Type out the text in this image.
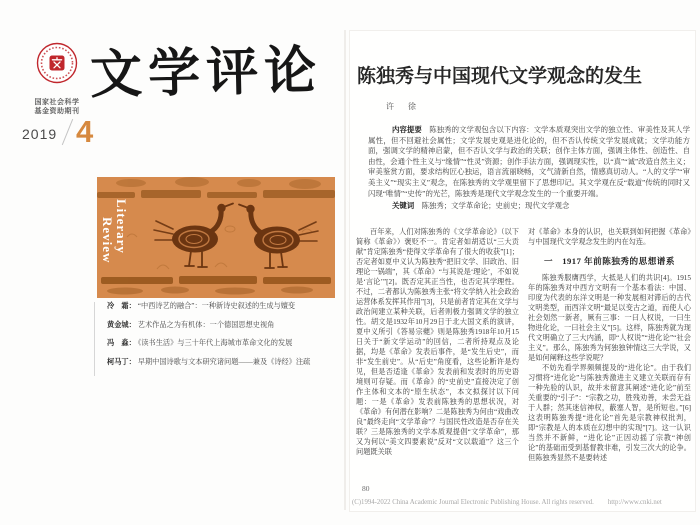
国家社会科学
基金资助期刊
2019 4
文学评论
Literary
Review
冷　霜： “中西诗艺的融合”：一种新诗史叙述的生成与嬗变
黄金城： 艺术作品之为有机体：一个德国思想史视角
冯　淼： 《读书生活》与三十年代上海城市革命文化的发展
柯马丁： 早期中国诗歌与文本研究诸问题——兼及《诗经》注疏
陈独秀与中国现代文学观念的发生
许　徐

内容提要　陈独秀的文学观包含以下内容：文学本质观突出文学的独立性、审美性及其人学属性，但不回避社会属性；文学发展史观是进化论的，但不否认传统文学发展成就；文学功能方面，强调文学的精神启蒙，但不否认文学与政治的关联；创作主体方面，强调主体性、创造性、自由性，会通个性主义与“缘情”“性灵”资源；创作手法方面，强调现实性，以“真”“诚”改造自然主义；审美鉴赏方面，要求结构匠心独运，语言流丽晓畅，文气清新自然，情感真切动人。“人的文学”“审美主义”“现实主义”观念，在陈独秀的文学观里留下了思想印记。其文学观在反“载道”传统的同时又闪现“唯情”“史传”的光芒，陈独秀是现代文学观念发生的一个重要开端。

关键词　陈独秀；文学革命论；史前史；现代文学观念

百年来，人们对陈独秀的《文学革命论》（以下简称《革命》）褒贬不一。肯定者如胡适以“三大贡献”肯定陈独秀“使得文学革命有了很大的收获”[1]；否定者如夏中义认为陈独秀“把旧文学、旧政治、旧理论一锅端”，其《革命》“与其说是‘理论’，不如说是‘言论’”[2]。既否定其正当性，也否定其学理性。不过，二者都认为陈独秀主张“将文学纳入社会政治运营体系发挥其作用”[3]，只是前者肯定其在文学与政治间建立某种关联，后者则极力强调文学的独立性。胡文是1932年10月29日于北大国文系的演讲，夏中义所引《答易宗夔》则是陈独秀1918年10月15日关于“新文学运动”的回信，二者所持观点及论据，均是《革命》发表后事件，是“发生后史”，而非“发生前史”。从“后史”角度看，这些论断许是灼见，但是否适逢《革命》发表前和发表时的历史语境则可存疑。而《革命》的“史前史”直接决定了创作主体和文本的“原生状态”，本文拟探讨以下问题：一是《革命》发表前陈独秀的思想状况，对《革命》有何潜在影响？二是陈独秀为何由“戏曲改良”最终走向“文学革命”？与国民性改造是否存在关联？三是陈独秀的文学本质观提倡“文学革命”，那又为何以“美文四要素说”反对“文以载道”？这三个问题既关联

对《革命》本身的认识，也关联到如何把握《革命》与中国现代文学观念发生的内在勾连。

一　1917 年前陈独秀的思想谱系

陈独秀服膺西学，大抵是人们的共识[4]。1915年的陈独秀对中西方文明有一个基本看法：中国、印度为代表的东洋文明是一种发展相对滞后的古代文明类型，而西洋文明“最足以变古之道，而使人心社会划然一新者，厥有三事：一曰人权说，一曰生物进化论，一曰社会主义”[5]。这样，陈独秀就为现代文明确立了三大内涵，即“人权说”“进化论”“社会主义”。那么，陈独秀为何独独钟情这三大学说，又是如何阐释这些学说呢？

不妨先看学界频频提及的“进化论”。由于我们习惯将“进化论”与陈独秀激进主义建立关联而存有一种先验的认识，故并未留意其阐述“进化论”前至关重要的“引子”：“宗教之功，胜残劝善，未尝无益于人群；然其迷信神权，蔽塞人智，是所短也。”[6]这表明陈独秀提“进化论”首先是宗教神权批判，即“宗教是人的本质在幻想中的实现”[7]。这一认识当然并不新鲜，“进化论”正因动摇了宗教“神创论”的基础而受到基督教非难，引发三次大的论争。但陈独秀显然不是要转述

80
(C)1994-2022 China Academic Journal Electronic Publishing House. All rights reserved. http://www.cnki.net
